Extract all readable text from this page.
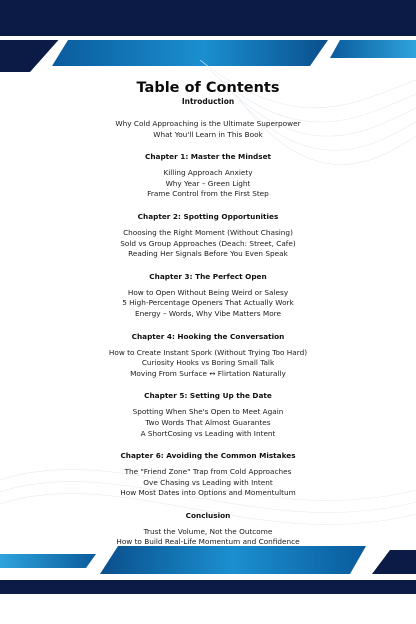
Table of Contents
Introduction
Why Cold Approaching is the Ultimate Superpower
What You'll Learn in This Book
Chapter 1: Master the Mindset
Killing Approach Anxiety
Why Year – Green Light
Frame Control from the First Step
Chapter 2: Spotting Opportunities
Choosing the Right Moment (Without Chasing)
Sold vs Group Approaches (Deach: Street, Cafe)
Reading Her Signals Before You Even Speak
Chapter 3: The Perfect Open
How to Open Without Being Weird or Salesy
5 High-Percentage Openers That Actually Work
Energy – Words, Why Vibe Matters More
Chapter 4: Hooking the Conversation
How to Create Instant Spork (Without Trying Too Hard)
Curiosity Hooks vs Boring Small Talk
Moving From Surface ↔ Flirtation Naturally
Chapter 5: Setting Up the Date
Spotting When She's Open to Meet Again
Two Words That Almost Guarantes
A ShortCosing vs Leading with Intent
Chapter 6: Avoiding the Common Mistakes
The "Friend Zone" Trap from Cold Approaches
Ove Chasing vs Leading with Intent
How Most Dates into Options and Momentultum
Conclusion
Trust the Volume, Not the Outcome
How to Build Real-Life Momentum and Confidence
